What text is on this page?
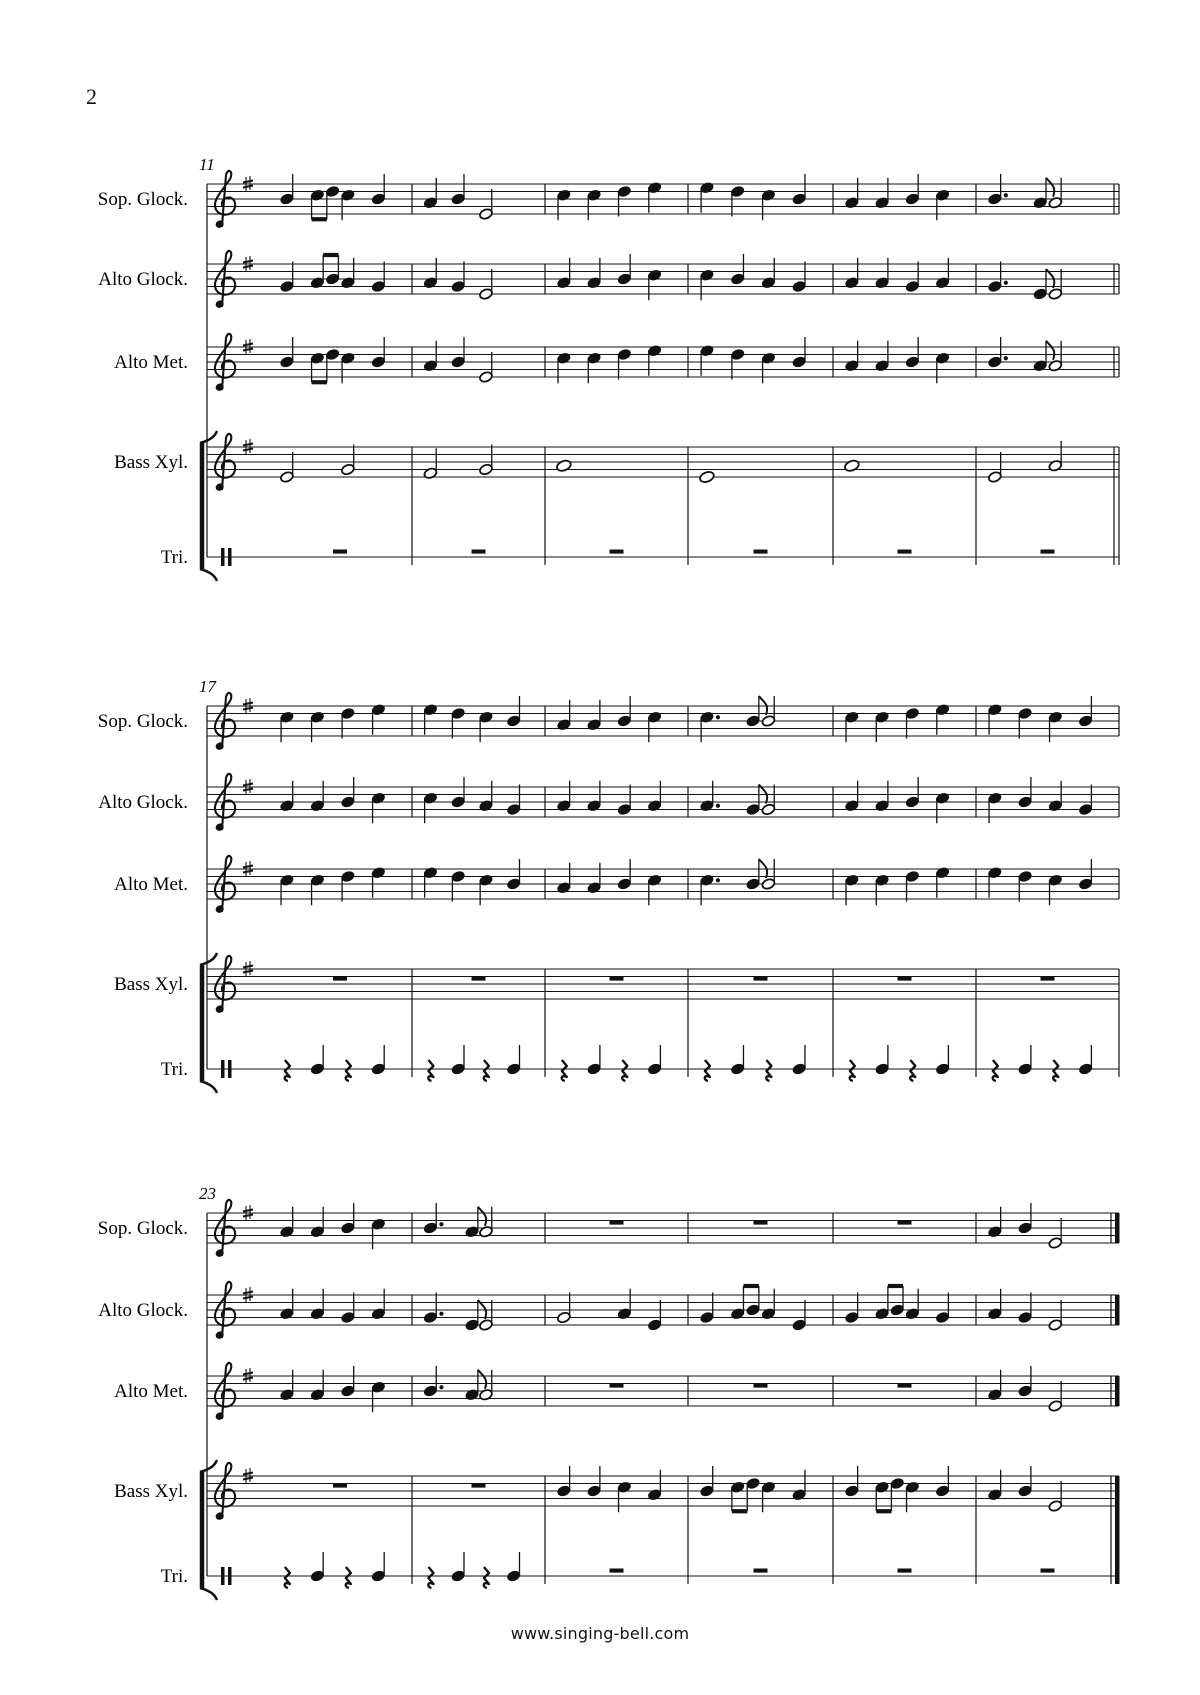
2
11
Sop. Glock.
Alto Glock.
Alto Met.
Bass Xyl.
Tri.
17
Sop. Glock.
Alto Glock.
Alto Met.
Bass Xyl.
Tri.
23
Sop. Glock.
Alto Glock.
Alto Met.
Bass Xyl.
Tri.
www.singing-bell.com
